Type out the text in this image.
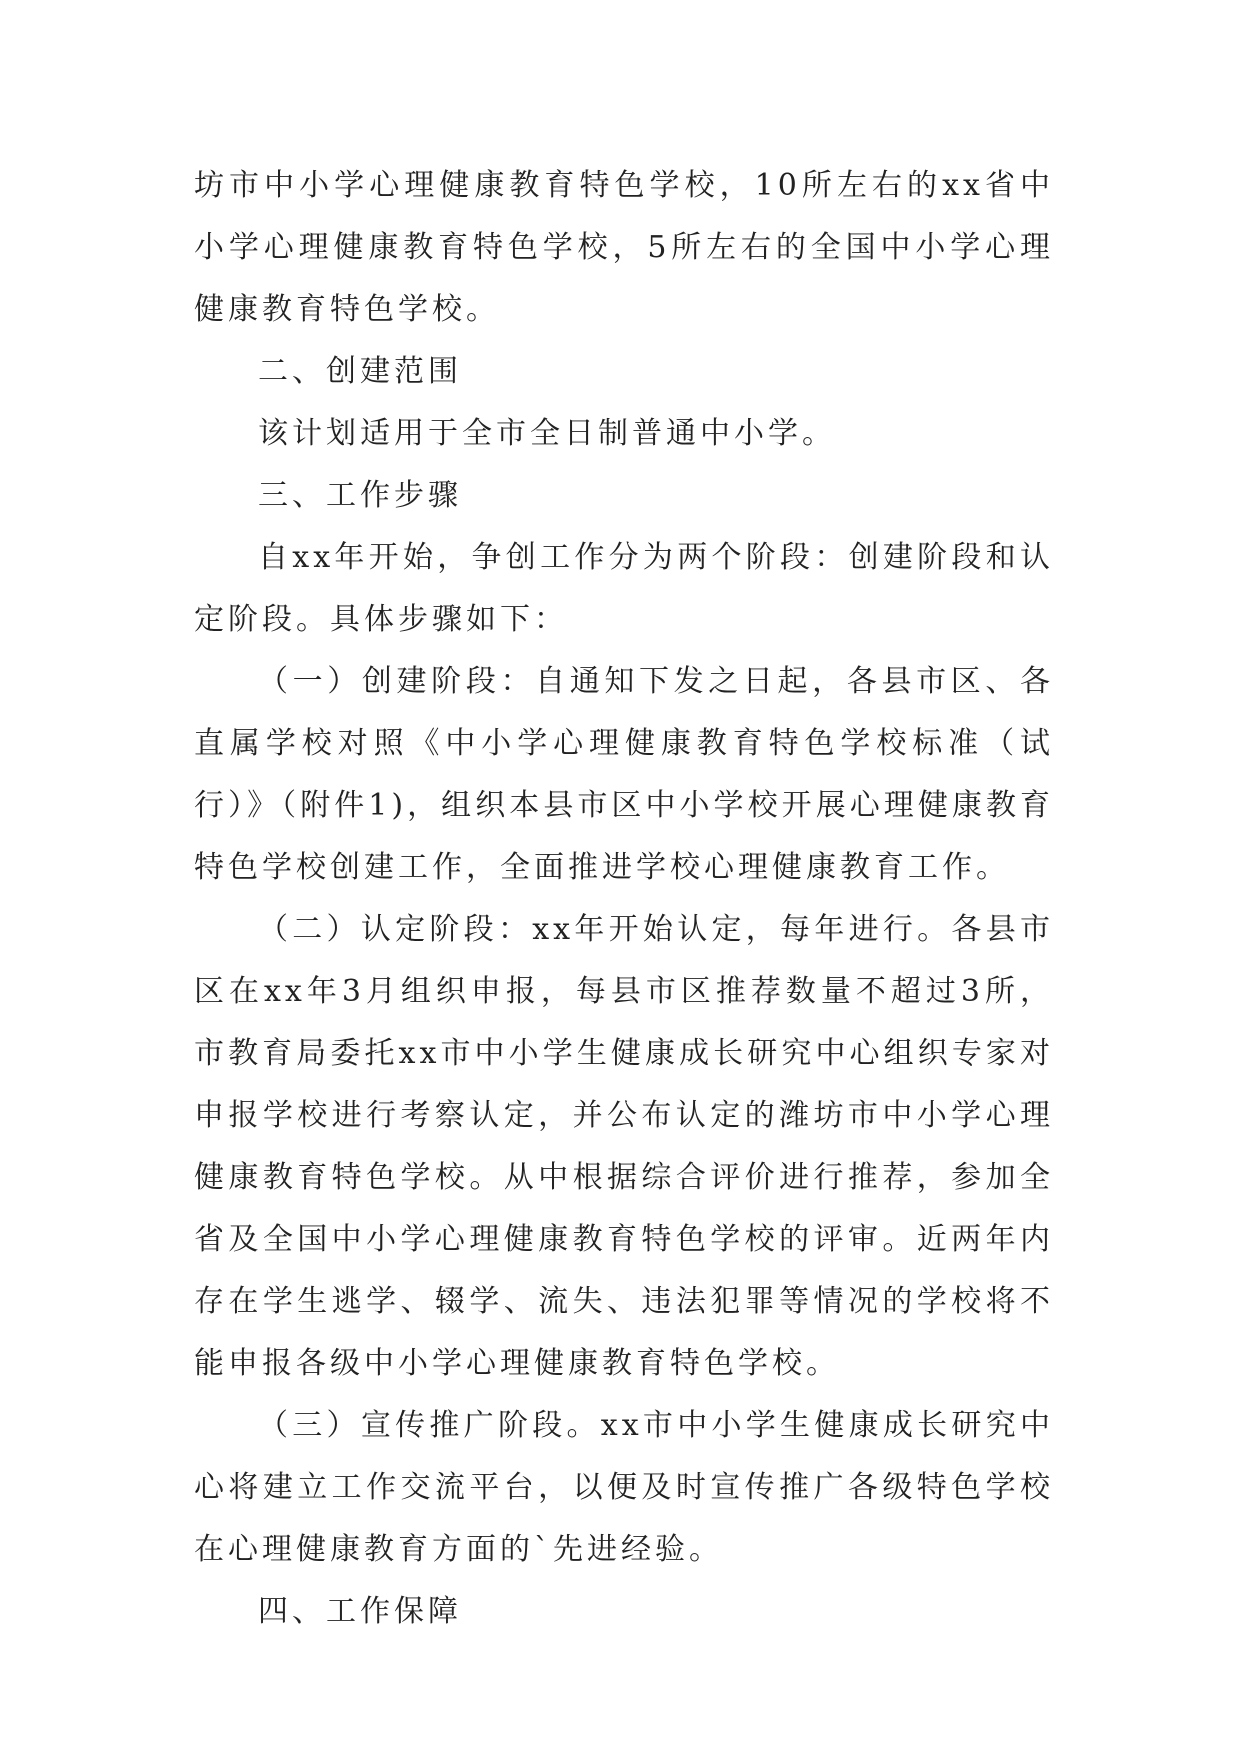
坊市中小学心理健康教育特色学校，10所左右的xx省中小学心理健康教育特色学校，5所左右的全国中小学心理健康教育特色学校。

二、创建范围

该计划适用于全市全日制普通中小学。

三、工作步骤

自xx年开始，争创工作分为两个阶段：创建阶段和认定阶段。具体步骤如下：

（一）创建阶段：自通知下发之日起，各县市区、各直属学校对照《中小学心理健康教育特色学校标准（试行）》（附件1)，组织本县市区中小学校开展心理健康教育特色学校创建工作，全面推进学校心理健康教育工作。

（二）认定阶段：xx年开始认定，每年进行。各县市区在xx年3月组织申报，每县市区推荐数量不超过3所，市教育局委托xx市中小学生健康成长研究中心组织专家对申报学校进行考察认定，并公布认定的潍坊市中小学心理健康教育特色学校。从中根据综合评价进行推荐，参加全省及全国中小学心理健康教育特色学校的评审。近两年内存在学生逃学、辍学、流失、违法犯罪等情况的学校将不能申报各级中小学心理健康教育特色学校。

（三）宣传推广阶段。xx市中小学生健康成长研究中心将建立工作交流平台，以便及时宣传推广各级特色学校在心理健康教育方面的`先进经验。

四、工作保障
